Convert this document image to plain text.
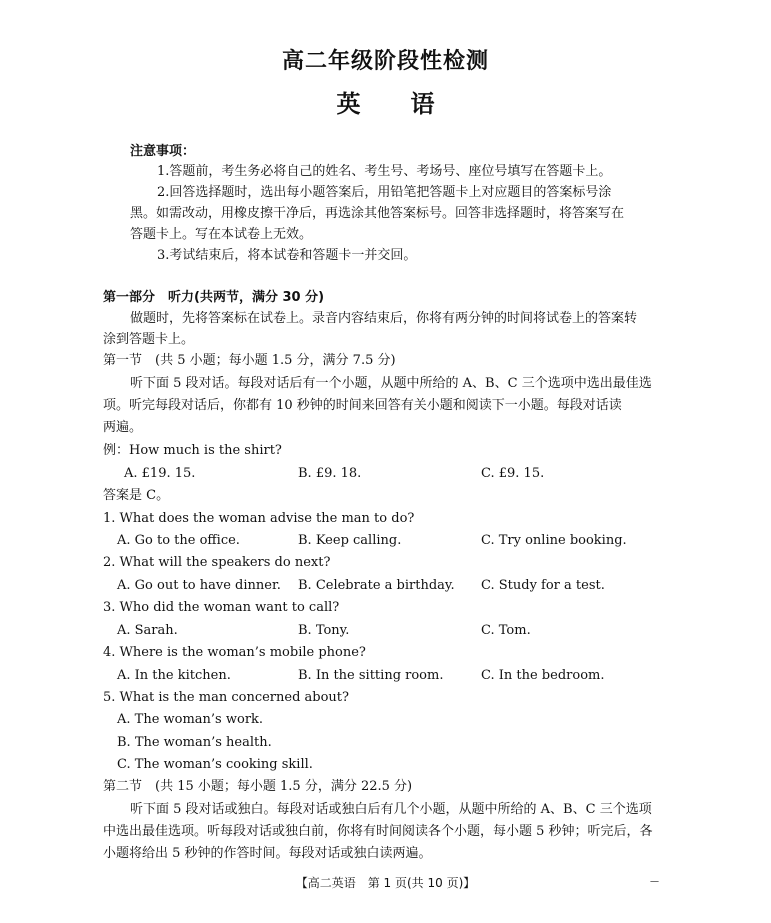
高二年级阶段性检测
英语
注意事项：
1.答题前，考生务必将自己的姓名、考生号、考场号、座位号填写在答题卡上。
2.回答选择题时，选出每小题答案后，用铅笔把答题卡上对应题目的答案标号涂
黑。如需改动，用橡皮擦干净后，再选涂其他答案标号。回答非选择题时，将答案写在
答题卡上。写在本试卷上无效。
3.考试结束后，将本试卷和答题卡一并交回。
第一部分　听力(共两节，满分 30 分)
做题时，先将答案标在试卷上。录音内容结束后，你将有两分钟的时间将试卷上的答案转
涂到答题卡上。
第一节　(共 5 小题；每小题 1.5 分，满分 7.5 分)
听下面 5 段对话。每段对话后有一个小题，从题中所给的 A、B、C 三个选项中选出最佳选
项。听完每段对话后，你都有 10 秒钟的时间来回答有关小题和阅读下一小题。每段对话读
两遍。
例：How much is the shirt?
A. £19. 15.	B. £9. 18.	C. £9. 15.
答案是 C。
1. What does the woman advise the man to do?
A. Go to the office.	B. Keep calling.	C. Try online booking.
2. What will the speakers do next?
A. Go out to have dinner. B. Celebrate a birthday. C. Study for a test.
3. Who did the woman want to call?
A. Sarah.	B. Tony.	C. Tom.
4. Where is the woman’s mobile phone?
A. In the kitchen.	B. In the sitting room.	C. In the bedroom.
5. What is the man concerned about?
A. The woman’s work.
B. The woman’s health.
C. The woman’s cooking skill.
第二节　(共 15 小题；每小题 1.5 分，满分 22.5 分)
听下面 5 段对话或独白。每段对话或独白后有几个小题，从题中所给的 A、B、C 三个选项
中选出最佳选项。听每段对话或独白前，你将有时间阅读各个小题，每小题 5 秒钟；听完后，各
小题将给出 5 秒钟的作答时间。每段对话或独白读两遍。
【高二英语　第 1 页(共 10 页)】	—
